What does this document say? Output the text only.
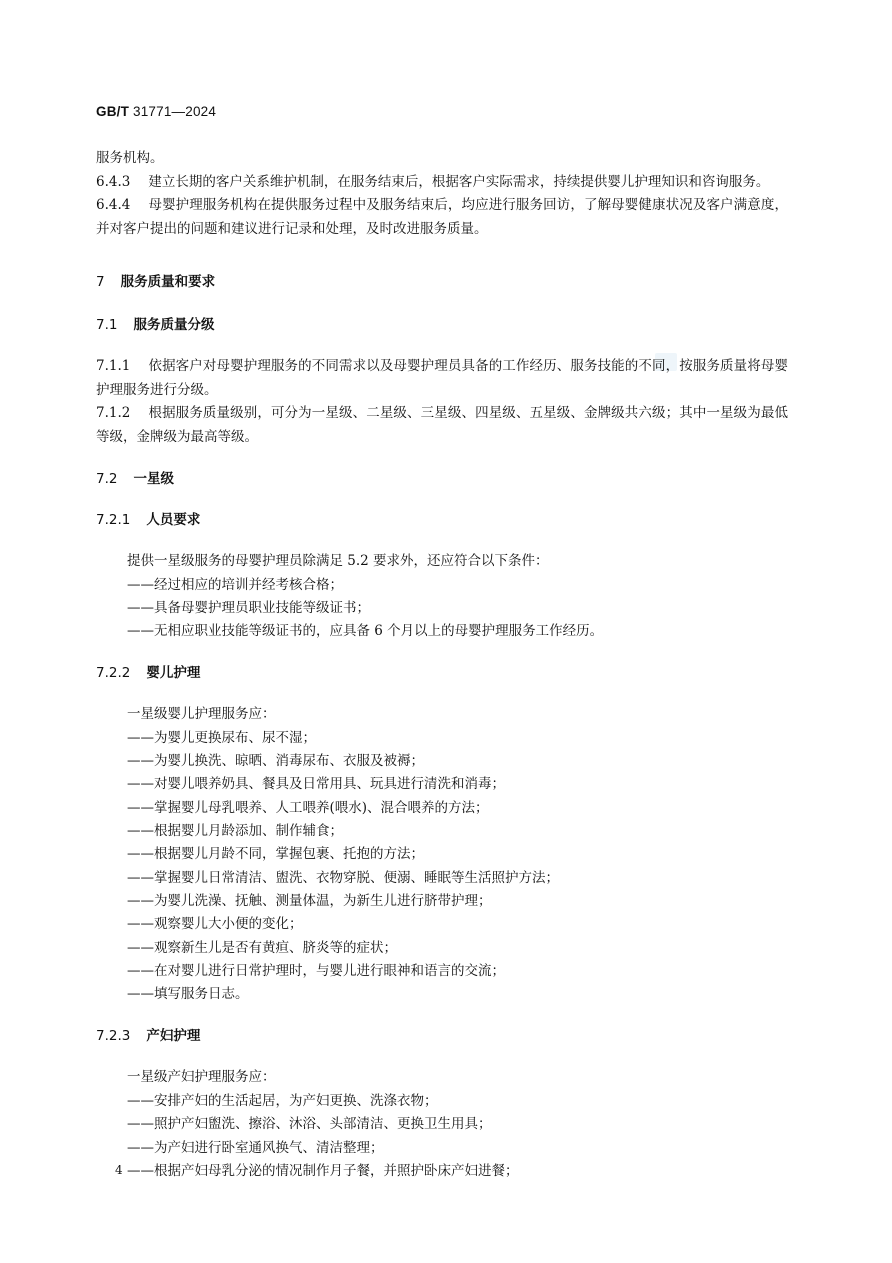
GB/T 31771—2024

服务机构。

6.4.3 建立长期的客户关系维护机制，在服务结束后，根据客户实际需求，持续提供婴儿护理知识和咨询服务。

6.4.4 母婴护理服务机构在提供服务过程中及服务结束后，均应进行服务回访，了解母婴健康状况及客户满意度，并对客户提出的问题和建议进行记录和处理，及时改进服务质量。

7 服务质量和要求
7.1 服务质量分级

7.1.1 依据客户对母婴护理服务的不同需求以及母婴护理员具备的工作经历、服务技能的不同，按服务质量将母婴护理服务进行分级。

7.1.2 根据服务质量级别，可分为一星级、二星级、三星级、四星级、五星级、金牌级共六级；其中一星级为最低等级，金牌级为最高等级。

7.2 一星级
7.2.1 人员要求

提供一星级服务的母婴护理员除满足 5.2 要求外，还应符合以下条件：

——经过相应的培训并经考核合格；
——具备母婴护理员职业技能等级证书；
——无相应职业技能等级证书的，应具备 6 个月以上的母婴护理服务工作经历。
7.2.2 婴儿护理

一星级婴儿护理服务应：

——为婴儿更换尿布、尿不湿；
——为婴儿换洗、晾晒、消毒尿布、衣服及被褥；
——对婴儿喂养奶具、餐具及日常用具、玩具进行清洗和消毒；
——掌握婴儿母乳喂养、人工喂养(喂水)、混合喂养的方法；
——根据婴儿月龄添加、制作辅食；
——根据婴儿月龄不同，掌握包裹、托抱的方法；
——掌握婴儿日常清洁、盥洗、衣物穿脱、便溺、睡眠等生活照护方法；
——为婴儿洗澡、抚触、测量体温，为新生儿进行脐带护理；
——观察婴儿大小便的变化；
——观察新生儿是否有黄疸、脐炎等的症状；
——在对婴儿进行日常护理时，与婴儿进行眼神和语言的交流；
——填写服务日志。
7.2.3 产妇护理

一星级产妇护理服务应：

——安排产妇的生活起居，为产妇更换、洗涤衣物；
——照护产妇盥洗、擦浴、沐浴、头部清洁、更换卫生用具；
——为产妇进行卧室通风换气、清洁整理；
——根据产妇母乳分泌的情况制作月子餐，并照护卧床产妇进餐；
4
